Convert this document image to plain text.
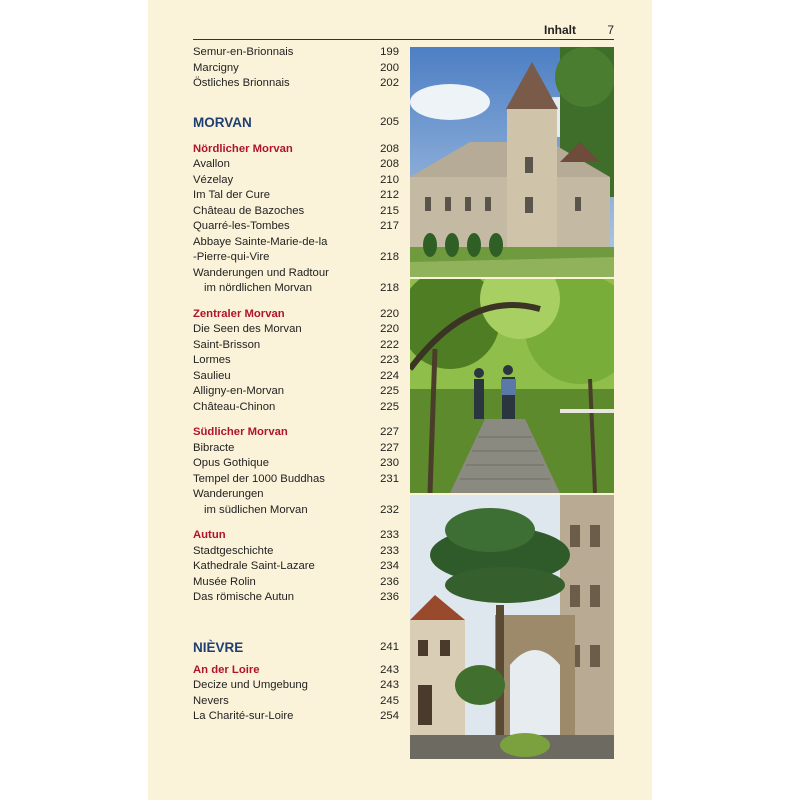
Inhalt	7
Semur-en-Brionnais	199
Marcigny	200
Östliches Brionnais	202
MORVAN	205
Nördlicher Morvan	208
Avallon	208
Vézelay	210
Im Tal der Cure	212
Château de Bazoches	215
Quarré-les-Tombes	217
Abbaye Sainte-Marie-de-la
-Pierre-qui-Vire	218
Wanderungen und Radtour
im nördlichen Morvan	218
Zentraler Morvan	220
Die Seen des Morvan	220
Saint-Brisson	222
Lormes	223
Saulieu	224
Alligny-en-Morvan	225
Château-Chinon	225
Südlicher Morvan	227
Bibracte	227
Opus Gothique	230
Tempel der 1000 Buddhas	231
Wanderungen
im südlichen Morvan	232
Autun	233
Stadtgeschichte	233
Kathedrale Saint-Lazare	234
Musée Rolin	236
Das römische Autun	236
NIÈVRE	241
An der Loire	243
Decize und Umgebung	243
Nevers	245
La Charité-sur-Loire	254
